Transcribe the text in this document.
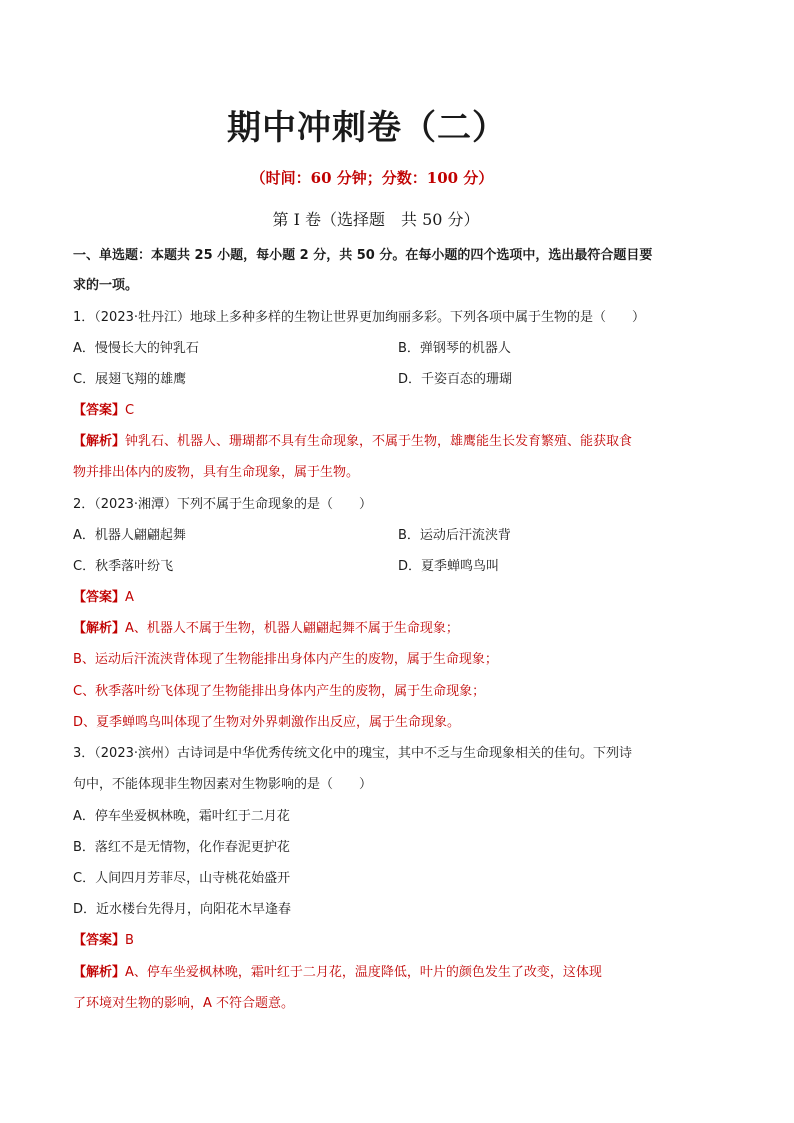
期中冲刺卷（二）
（时间：60 分钟；分数：100 分）
第 I 卷（选择题　共 50 分）
一、单选题：本题共 25 小题，每小题 2 分，共 50 分。在每小题的四个选项中，选出最符合题目要
求的一项。
1．（2023·牡丹江）地球上多种多样的生物让世界更加绚丽多彩。下列各项中属于生物的是（　　）
A．慢慢长大的钟乳石	B．弹钢琴的机器人
C．展翅飞翔的雄鹰	D．千姿百态的珊瑚
【答案】C
【解析】钟乳石、机器人、珊瑚都不具有生命现象，不属于生物，雄鹰能生长发育繁殖、能获取食
物并排出体内的废物，具有生命现象，属于生物。
2．（2023·湘潭）下列不属于生命现象的是（　　）
A．机器人翩翩起舞	B．运动后汗流浃背
C．秋季落叶纷飞	D．夏季蝉鸣鸟叫
【答案】A
【解析】A、机器人不属于生物，机器人翩翩起舞不属于生命现象；
B、运动后汗流浃背体现了生物能排出身体内产生的废物，属于生命现象；
C、秋季落叶纷飞体现了生物能排出身体内产生的废物，属于生命现象；
D、夏季蝉鸣鸟叫体现了生物对外界刺激作出反应，属于生命现象。
3．（2023·滨州）古诗词是中华优秀传统文化中的瑰宝，其中不乏与生命现象相关的佳句。下列诗
句中，不能体现非生物因素对生物影响的是（　　）
A．停车坐爱枫林晚，霜叶红于二月花
B．落红不是无情物，化作春泥更护花
C．人间四月芳菲尽，山寺桃花始盛开
D．近水楼台先得月，向阳花木早逢春
【答案】B
【解析】A、停车坐爱枫林晚，霜叶红于二月花，温度降低，叶片的颜色发生了改变，这体现
了环境对生物的影响，A 不符合题意。
